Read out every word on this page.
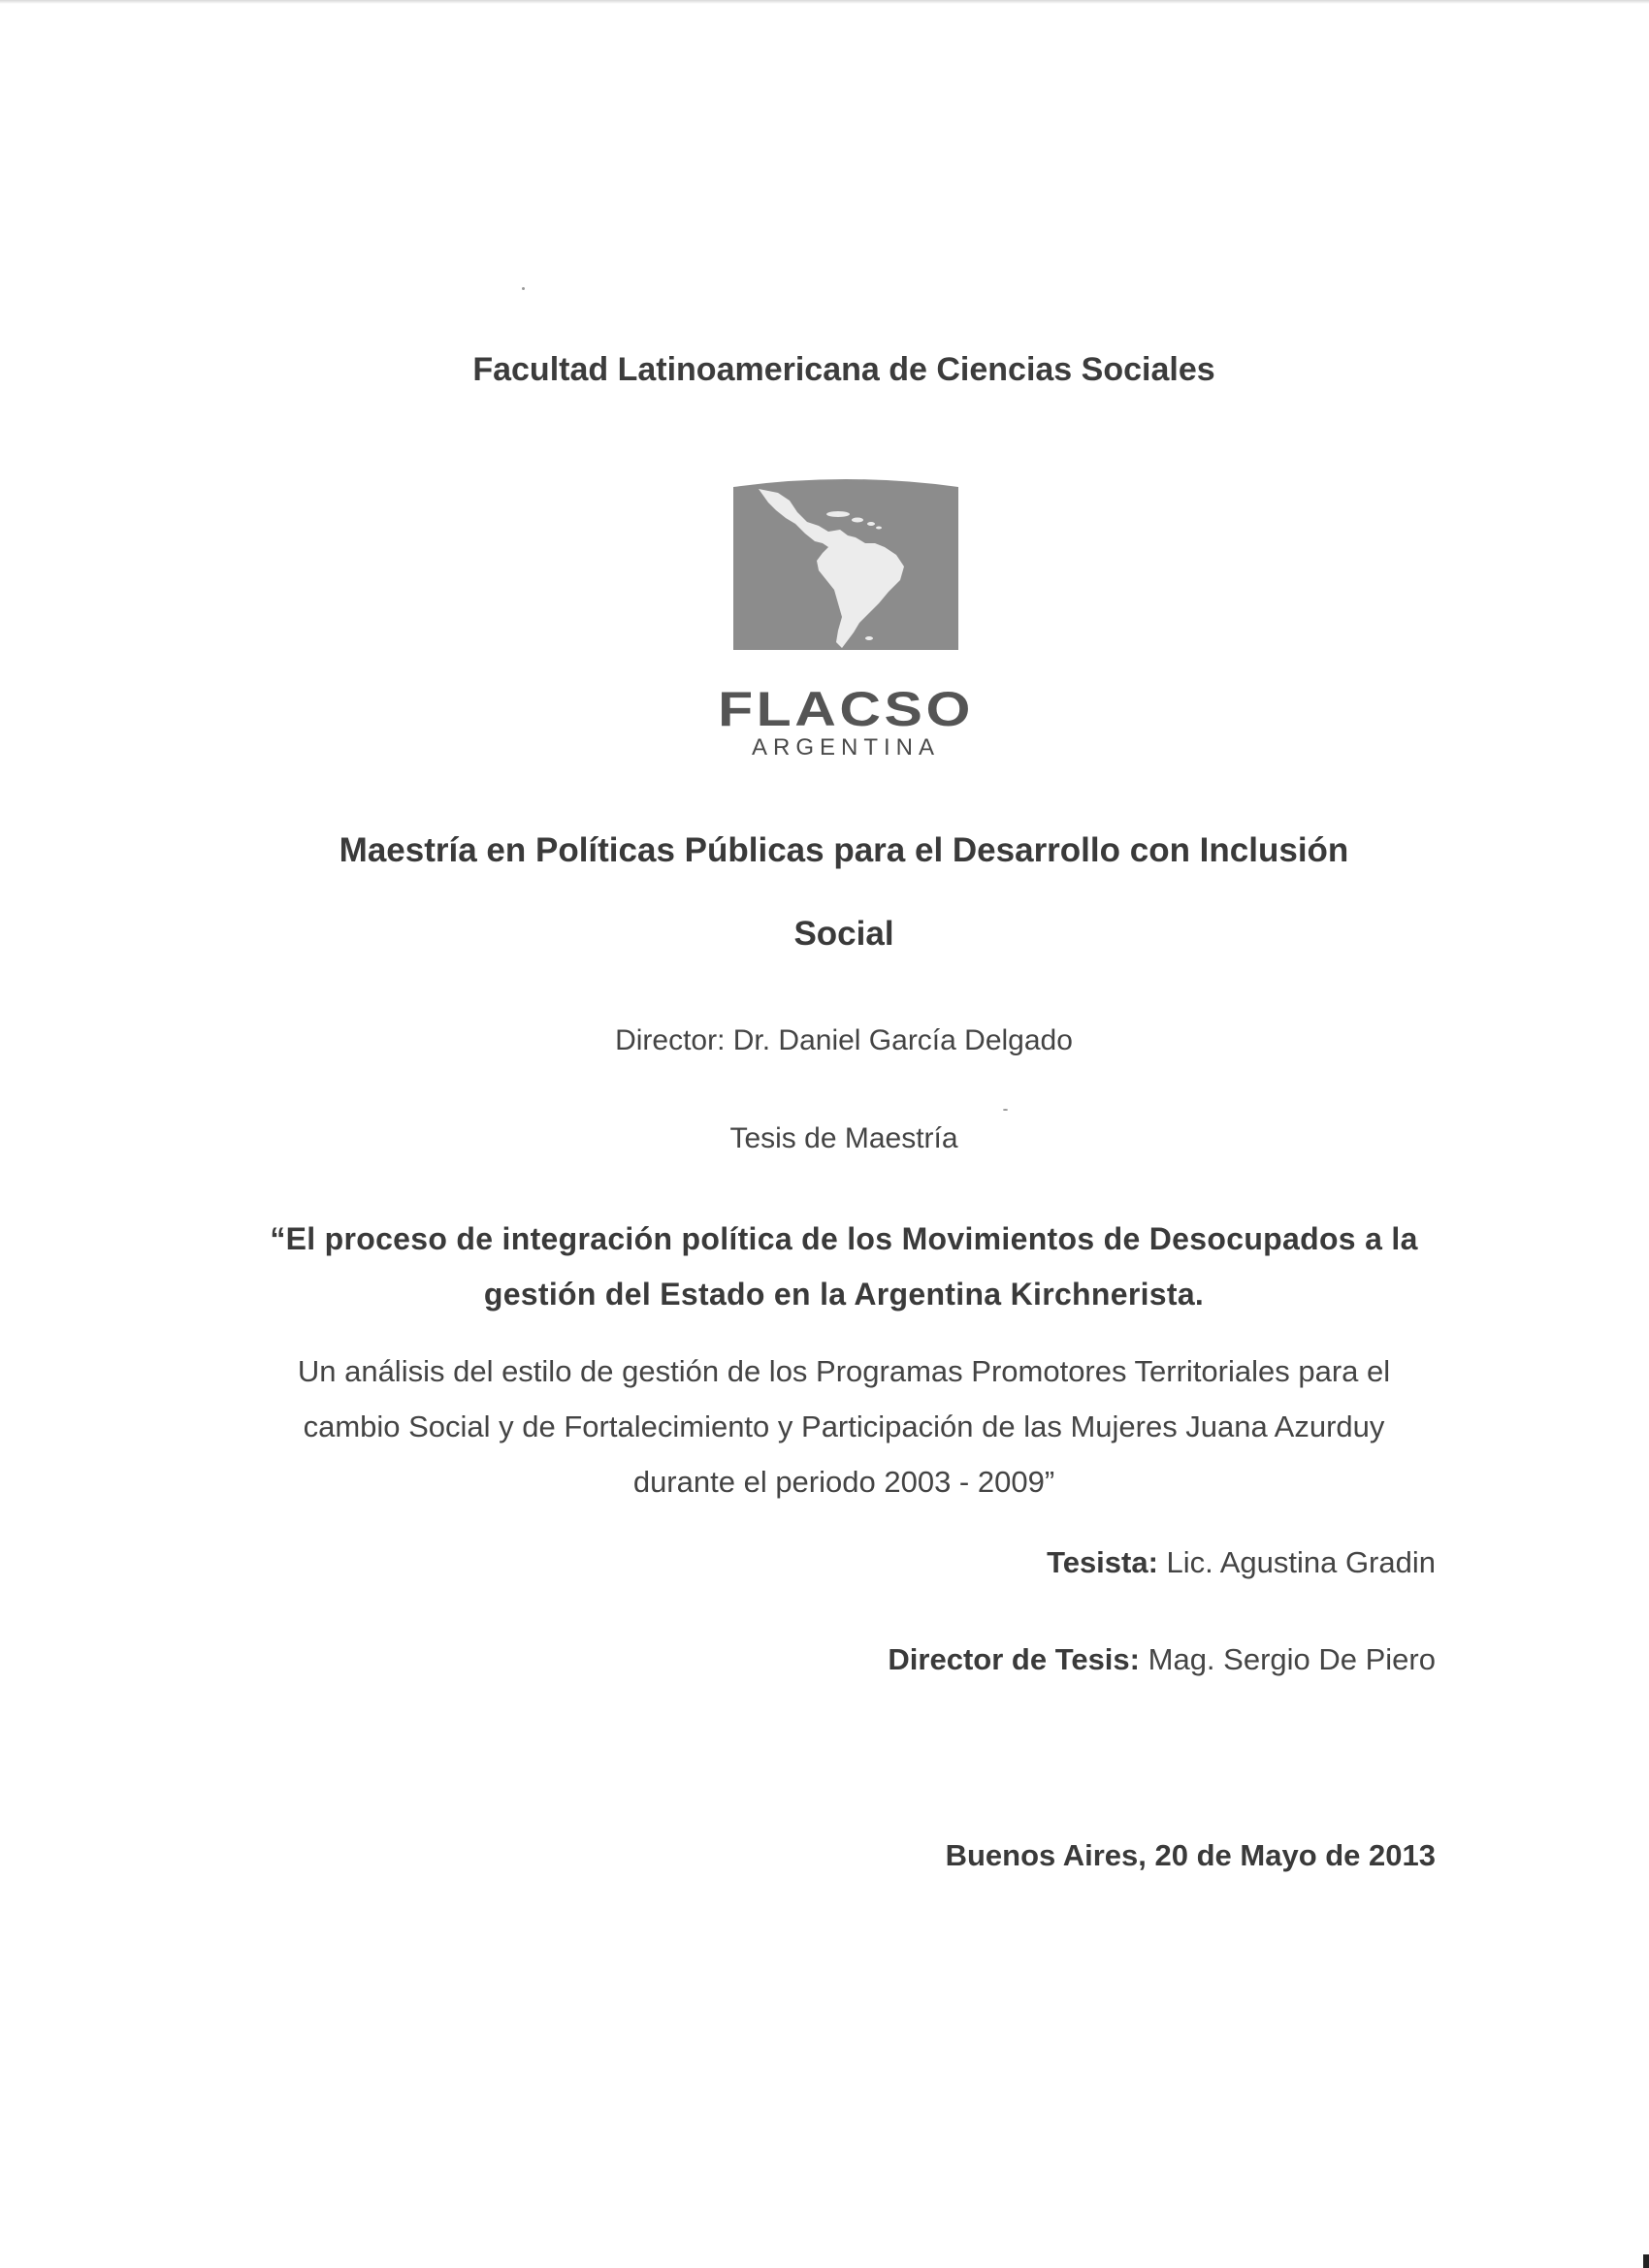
Facultad Latinoamericana de Ciencias Sociales
FLACSO
ARGENTINA
Maestría en Políticas Públicas para el Desarrollo con Inclusión
Social
Director: Dr. Daniel García Delgado
Tesis de Maestría
“El proceso de integración política de los Movimientos de Desocupados a la
gestión del Estado en la Argentina Kirchnerista.
Un análisis del estilo de gestión de los Programas Promotores Territoriales para el
cambio Social y de Fortalecimiento y Participación de las Mujeres Juana Azurduy
durante el periodo 2003 - 2009”
Tesista: Lic. Agustina Gradin
Director de Tesis: Mag. Sergio De Piero
Buenos Aires, 20 de Mayo de 2013
